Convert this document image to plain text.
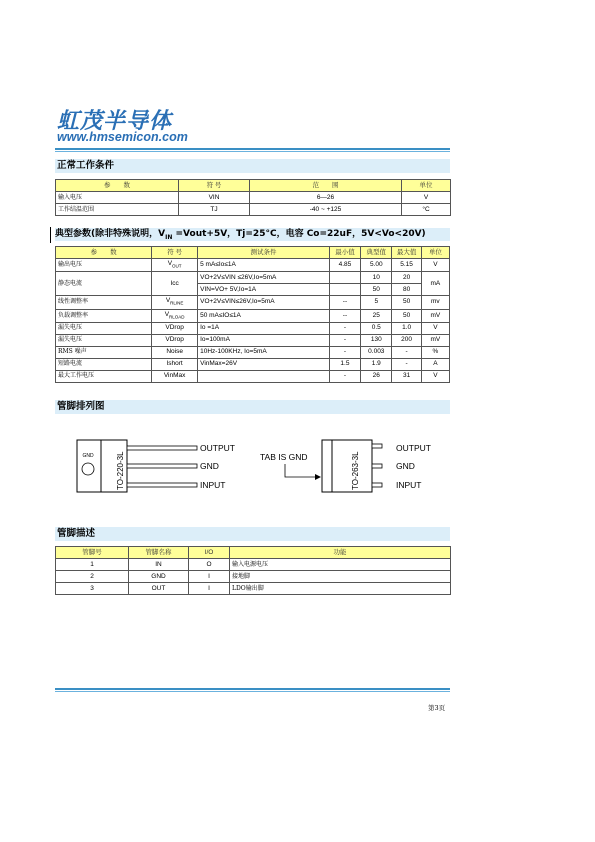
虹茂半导体
www.hmsemicon.com
正常工作条件
参　　数	符 号	范　　围	单位
输入电压	VIN	6—26	V
工作结温范围	TJ	-40 ~ +125	°C
典型参数(除非特殊说明，$V_{IN}$ =Vout+5V，Tj=25°C，电容 Co=22uF，5V<Vo<20V)
参　　数	符 号	测试条件	最小值	典型值	最大值	单位
输出电压	$V_{OUT}$	5 mA≤Io≤1A	4.85	5.00	5.15	V
静态电流	Icc	VO+2V≤VIN ≤26V,Io=5mA		10	20	mA
		VIN=VO+ 5V,Io=1A		50	80	
线性调整率	$V_{RLINE}$	VO+2V≤VIN≤26V,Io=5mA	--	5	50	mv
负载调整率	$V_{RLOAD}$	50 mA≤IO≤1A	--	25	50	mV
漏失电压	VDrop	Io =1A	-	0.5	1.0	V
漏失电压	VDrop	Io=100mA	-	130	200	mV
RMS 噪声	Noise	10Hz-100KHz, Io=5mA	-	0.003	-	%
短路电流	Ishort	VinMax=26V	1.5	1.9	-	A
最大工作电压	VinMax		-	26	31	V
管脚排列图
GND	TO-220-3L
OUTPUT
GND
INPUT
TAB IS GND	TO-263-3L
OUTPUT
GND
INPUT
管脚描述
管脚号	管脚名称	I/O	功能
1	IN	O	输入电源电压
2	GND	I	接地脚
3	OUT	I	LDO输出脚
第3页
